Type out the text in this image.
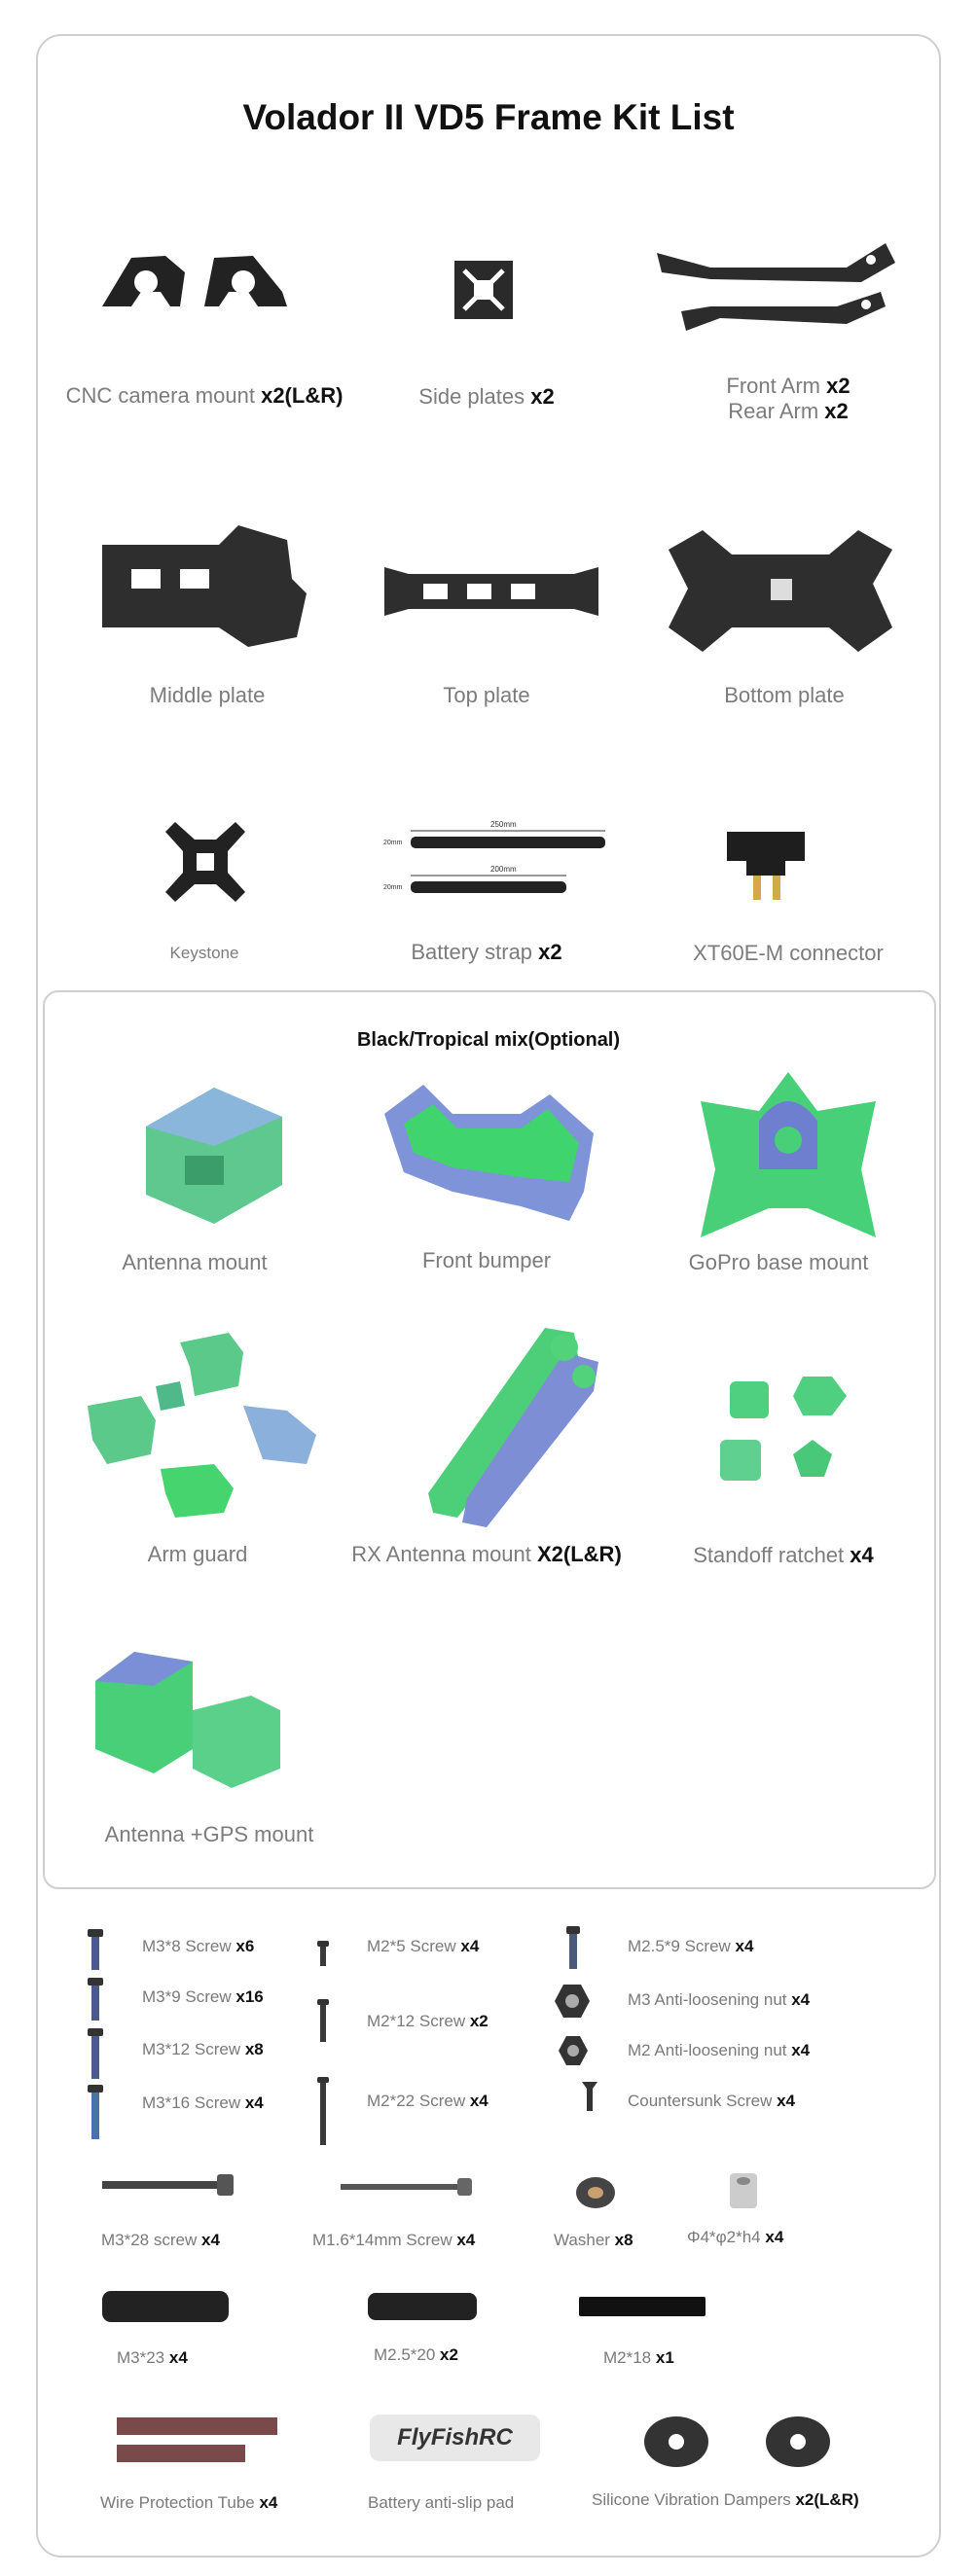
Volador II VD5 Frame Kit List
CNC camera mount x2(L&R)	Side plates x2	Front Arm x2
Rear Arm x2
Middle plate	Top plate	Bottom plate
250mm
20mm
200mm
20mm
Keystone	Battery strap x2	XT60E-M connector
Black/Tropical mix(Optional)
Antenna mount	Front bumper	GoPro base mount
Arm guard	RX Antenna mount X2(L&R)	Standoff ratchet x4
Antenna +GPS mount
M3*8 Screw x6
M3*9 Screw x16
M3*12 Screw x8
M3*16 Screw x4
M2*5 Screw x4
M2*12 Screw x2
M2*22 Screw x4
M2.5*9 Screw x4
M3 Anti-loosening nut x4
M2 Anti-loosening nut x4
Countersunk Screw x4
M3*28 screw x4	M1.6*14mm Screw x4	Washer x8	Φ4*φ2*h4 x4
M3*23 x4	M2.5*20 x2	M2*18 x1
Wire Protection Tube x4
FlyFishRC
Battery anti-slip pad	Silicone Vibration Dampers x2(L&R)
